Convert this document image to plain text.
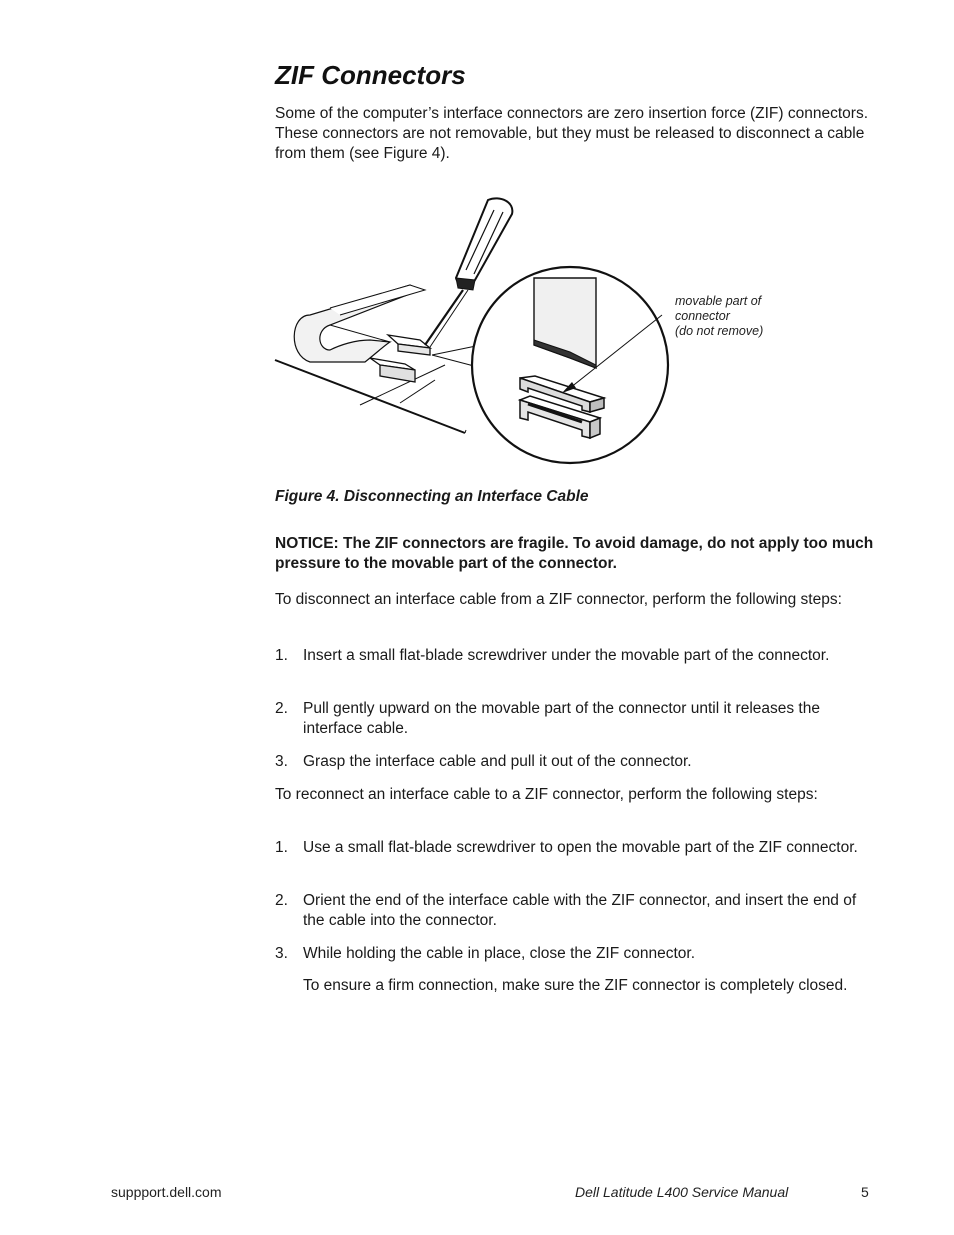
ZIF Connectors

Some of the computer’s interface connectors are zero insertion force (ZIF) connectors. These connectors are not removable, but they must be released to disconnect a cable from them (see Figure 4).

movable part of
connector
(do not remove)

Figure 4. Disconnecting an Interface Cable

NOTICE: The ZIF connectors are fragile. To avoid damage, do not apply too much pressure to the movable part of the connector.

To disconnect an interface cable from a ZIF connector, perform the following steps:

1. Insert a small flat-blade screwdriver under the movable part of the connector.
2. Pull gently upward on the movable part of the connector until it releases the interface cable.
3. Grasp the interface cable and pull it out of the connector.

To reconnect an interface cable to a ZIF connector, perform the following steps:

1. Use a small flat-blade screwdriver to open the movable part of the ZIF connector.
2. Orient the end of the interface cable with the ZIF connector, and insert the end of the cable into the connector.
3. While holding the cable in place, close the ZIF connector.
To ensure a firm connection, make sure the ZIF connector is completely closed.
suppport.dell.com	Dell Latitude L400 Service Manual	5
